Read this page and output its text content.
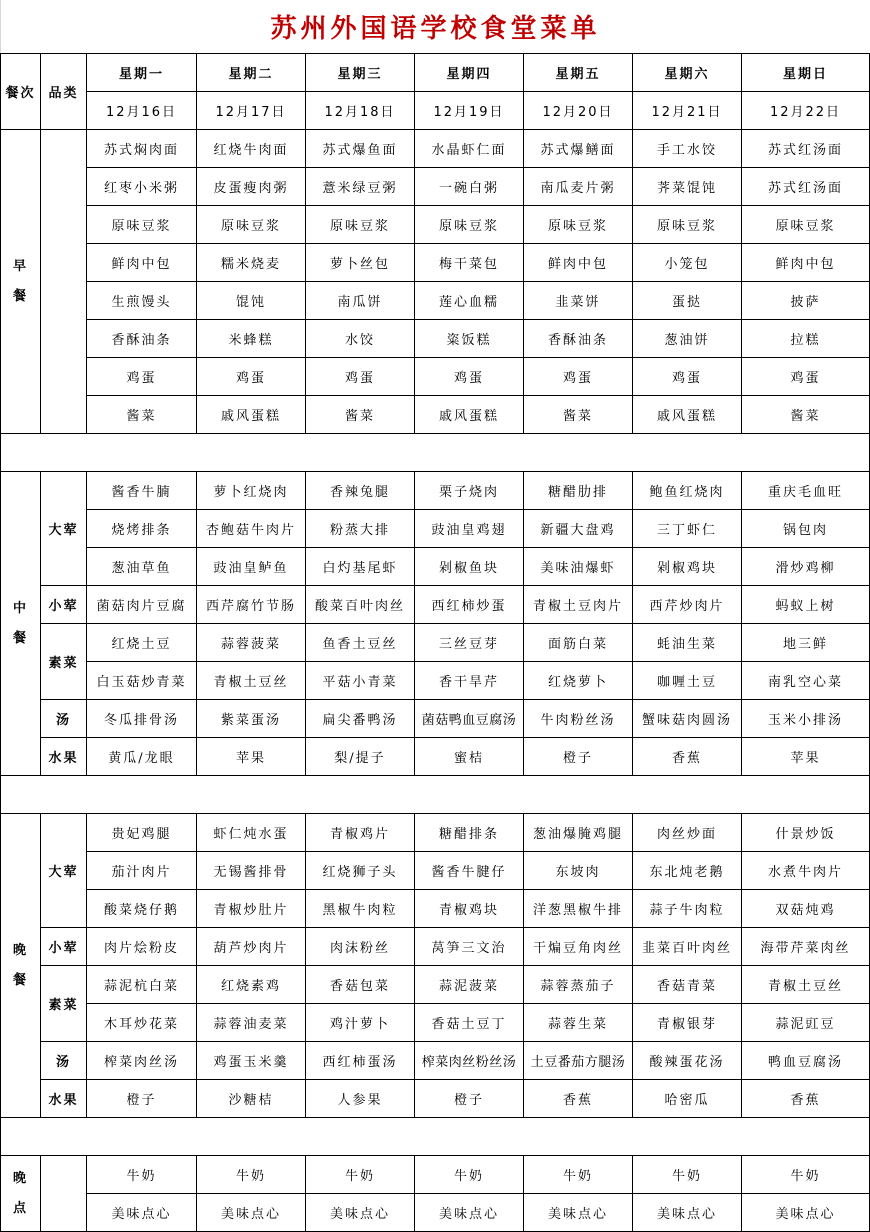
苏州外国语学校食堂菜单
餐次	品类	星期一	星期二	星期三	星期四	星期五	星期六	星期日
		12月16日	12月17日	12月18日	12月19日	12月20日	12月21日	12月22日

早
餐		苏式焖肉面	红烧牛肉面	苏式爆鱼面	水晶虾仁面	苏式爆鳝面	手工水饺	苏式红汤面
		红枣小米粥	皮蛋瘦肉粥	薏米绿豆粥	一碗白粥	南瓜麦片粥	荠菜馄饨	苏式红汤面
		原味豆浆	原味豆浆	原味豆浆	原味豆浆	原味豆浆	原味豆浆	原味豆浆
		鲜肉中包	糯米烧麦	萝卜丝包	梅干菜包	鲜肉中包	小笼包	鲜肉中包
		生煎馒头	馄饨	南瓜饼	莲心血糯	韭菜饼	蛋挞	披萨
		香酥油条	米蜂糕	水饺	粢饭糕	香酥油条	葱油饼	拉糕
		鸡蛋	鸡蛋	鸡蛋	鸡蛋	鸡蛋	鸡蛋	鸡蛋
		酱菜	戚风蛋糕	酱菜	戚风蛋糕	酱菜	戚风蛋糕	酱菜

中
餐	大荤	酱香牛腩	萝卜红烧肉	香辣兔腿	栗子烧肉	糖醋肋排	鲍鱼红烧肉	重庆毛血旺
		烧烤排条	杏鲍菇牛肉片	粉蒸大排	豉油皇鸡翅	新疆大盘鸡	三丁虾仁	锅包肉
		葱油草鱼	豉油皇鲈鱼	白灼基尾虾	剁椒鱼块	美味油爆虾	剁椒鸡块	滑炒鸡柳
	小荤	菌菇肉片豆腐	西芹腐竹节肠	酸菜百叶肉丝	西红柿炒蛋	青椒土豆肉片	西芹炒肉片	蚂蚁上树
	素菜	红烧土豆	蒜蓉菠菜	鱼香土豆丝	三丝豆芽	面筋白菜	蚝油生菜	地三鲜
		白玉菇炒青菜	青椒土豆丝	平菇小青菜	香干旱芹	红烧萝卜	咖喱土豆	南乳空心菜
	汤	冬瓜排骨汤	紫菜蛋汤	扁尖番鸭汤	菌菇鸭血豆腐汤	牛肉粉丝汤	蟹味菇肉圆汤	玉米小排汤
	水果	黄瓜/龙眼	苹果	梨/提子	蜜桔	橙子	香蕉	苹果

晚
餐	大荤	贵妃鸡腿	虾仁炖水蛋	青椒鸡片	糖醋排条	葱油爆腌鸡腿	肉丝炒面	什景炒饭
		茄汁肉片	无锡酱排骨	红烧狮子头	酱香牛腱仔	东坡肉	东北炖老鹅	水煮牛肉片
		酸菜烧仔鹅	青椒炒肚片	黑椒牛肉粒	青椒鸡块	洋葱黑椒牛排	蒜子牛肉粒	双菇炖鸡
	小荤	肉片烩粉皮	葫芦炒肉片	肉沫粉丝	莴笋三文治	干煸豆角肉丝	韭菜百叶肉丝	海带芹菜肉丝
	素菜	蒜泥杭白菜	红烧素鸡	香菇包菜	蒜泥菠菜	蒜蓉蒸茄子	香菇青菜	青椒土豆丝
		木耳炒花菜	蒜蓉油麦菜	鸡汁萝卜	香菇土豆丁	蒜蓉生菜	青椒银芽	蒜泥豇豆
	汤	榨菜肉丝汤	鸡蛋玉米羹	西红柿蛋汤	榨菜肉丝粉丝汤	土豆番茄方腿汤	酸辣蛋花汤	鸭血豆腐汤
	水果	橙子	沙糖桔	人参果	橙子	香蕉	哈密瓜	香蕉

晚
点		牛奶	牛奶	牛奶	牛奶	牛奶	牛奶	牛奶
		美味点心	美味点心	美味点心	美味点心	美味点心	美味点心	美味点心
